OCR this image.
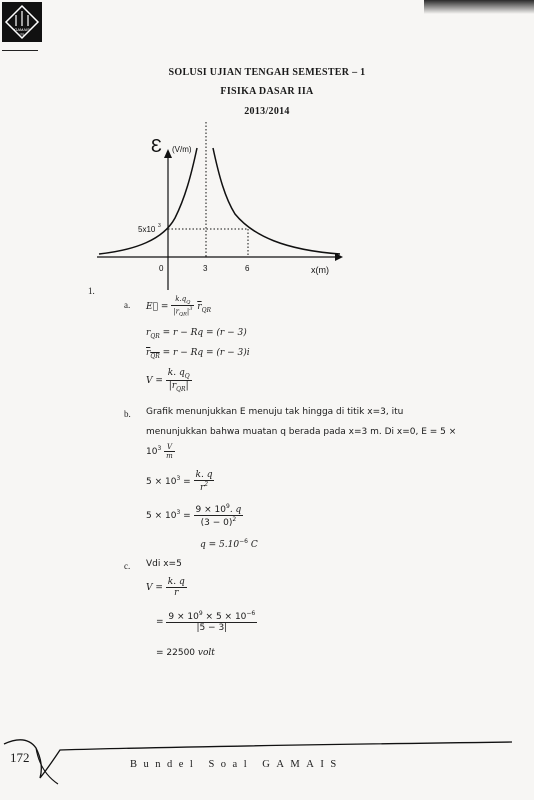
GAMAIS
ITB
SOLUSI UJIAN TENGAH SEMESTER – 1
FISIKA DASAR IIA
2013/2014
Ɛ (V/m)
5x10 3
0	3	6	x(m)
1.
a. E⃗ = $\frac{k.q_Q}{|r_{QR}|^3} \overline{r}_{QR}$
$r_{QR} = r - Rq = (r - 3)$
$r_{QR} = r - Rq = (r - 3)i$
$V = \frac{k. q_Q}{|r_{QR}|}$
b. Grafik menunjukkan E menuju tak hingga di titik x=3, itu
menunjukkan bahwa muatan q berada pada x=3 m. Di x=0, E = 5 ×
$10^3 \frac{V}{m}$
$5 \times 10^3 = \frac{k. q}{r^2}$
$5 \times 10^3 = \frac{9 \times 10^9. q}{(3 - 0)^2}$
$q = 5.10^{-6}$ C
c. Vdi x=5
$V = \frac{k. q}{r}$
= $\frac{9 \times 10^9 \times 5 \times 10^{-6}}{|5 - 3|}$
= 22500 volt
172	Bundel Soal GAMAIS
